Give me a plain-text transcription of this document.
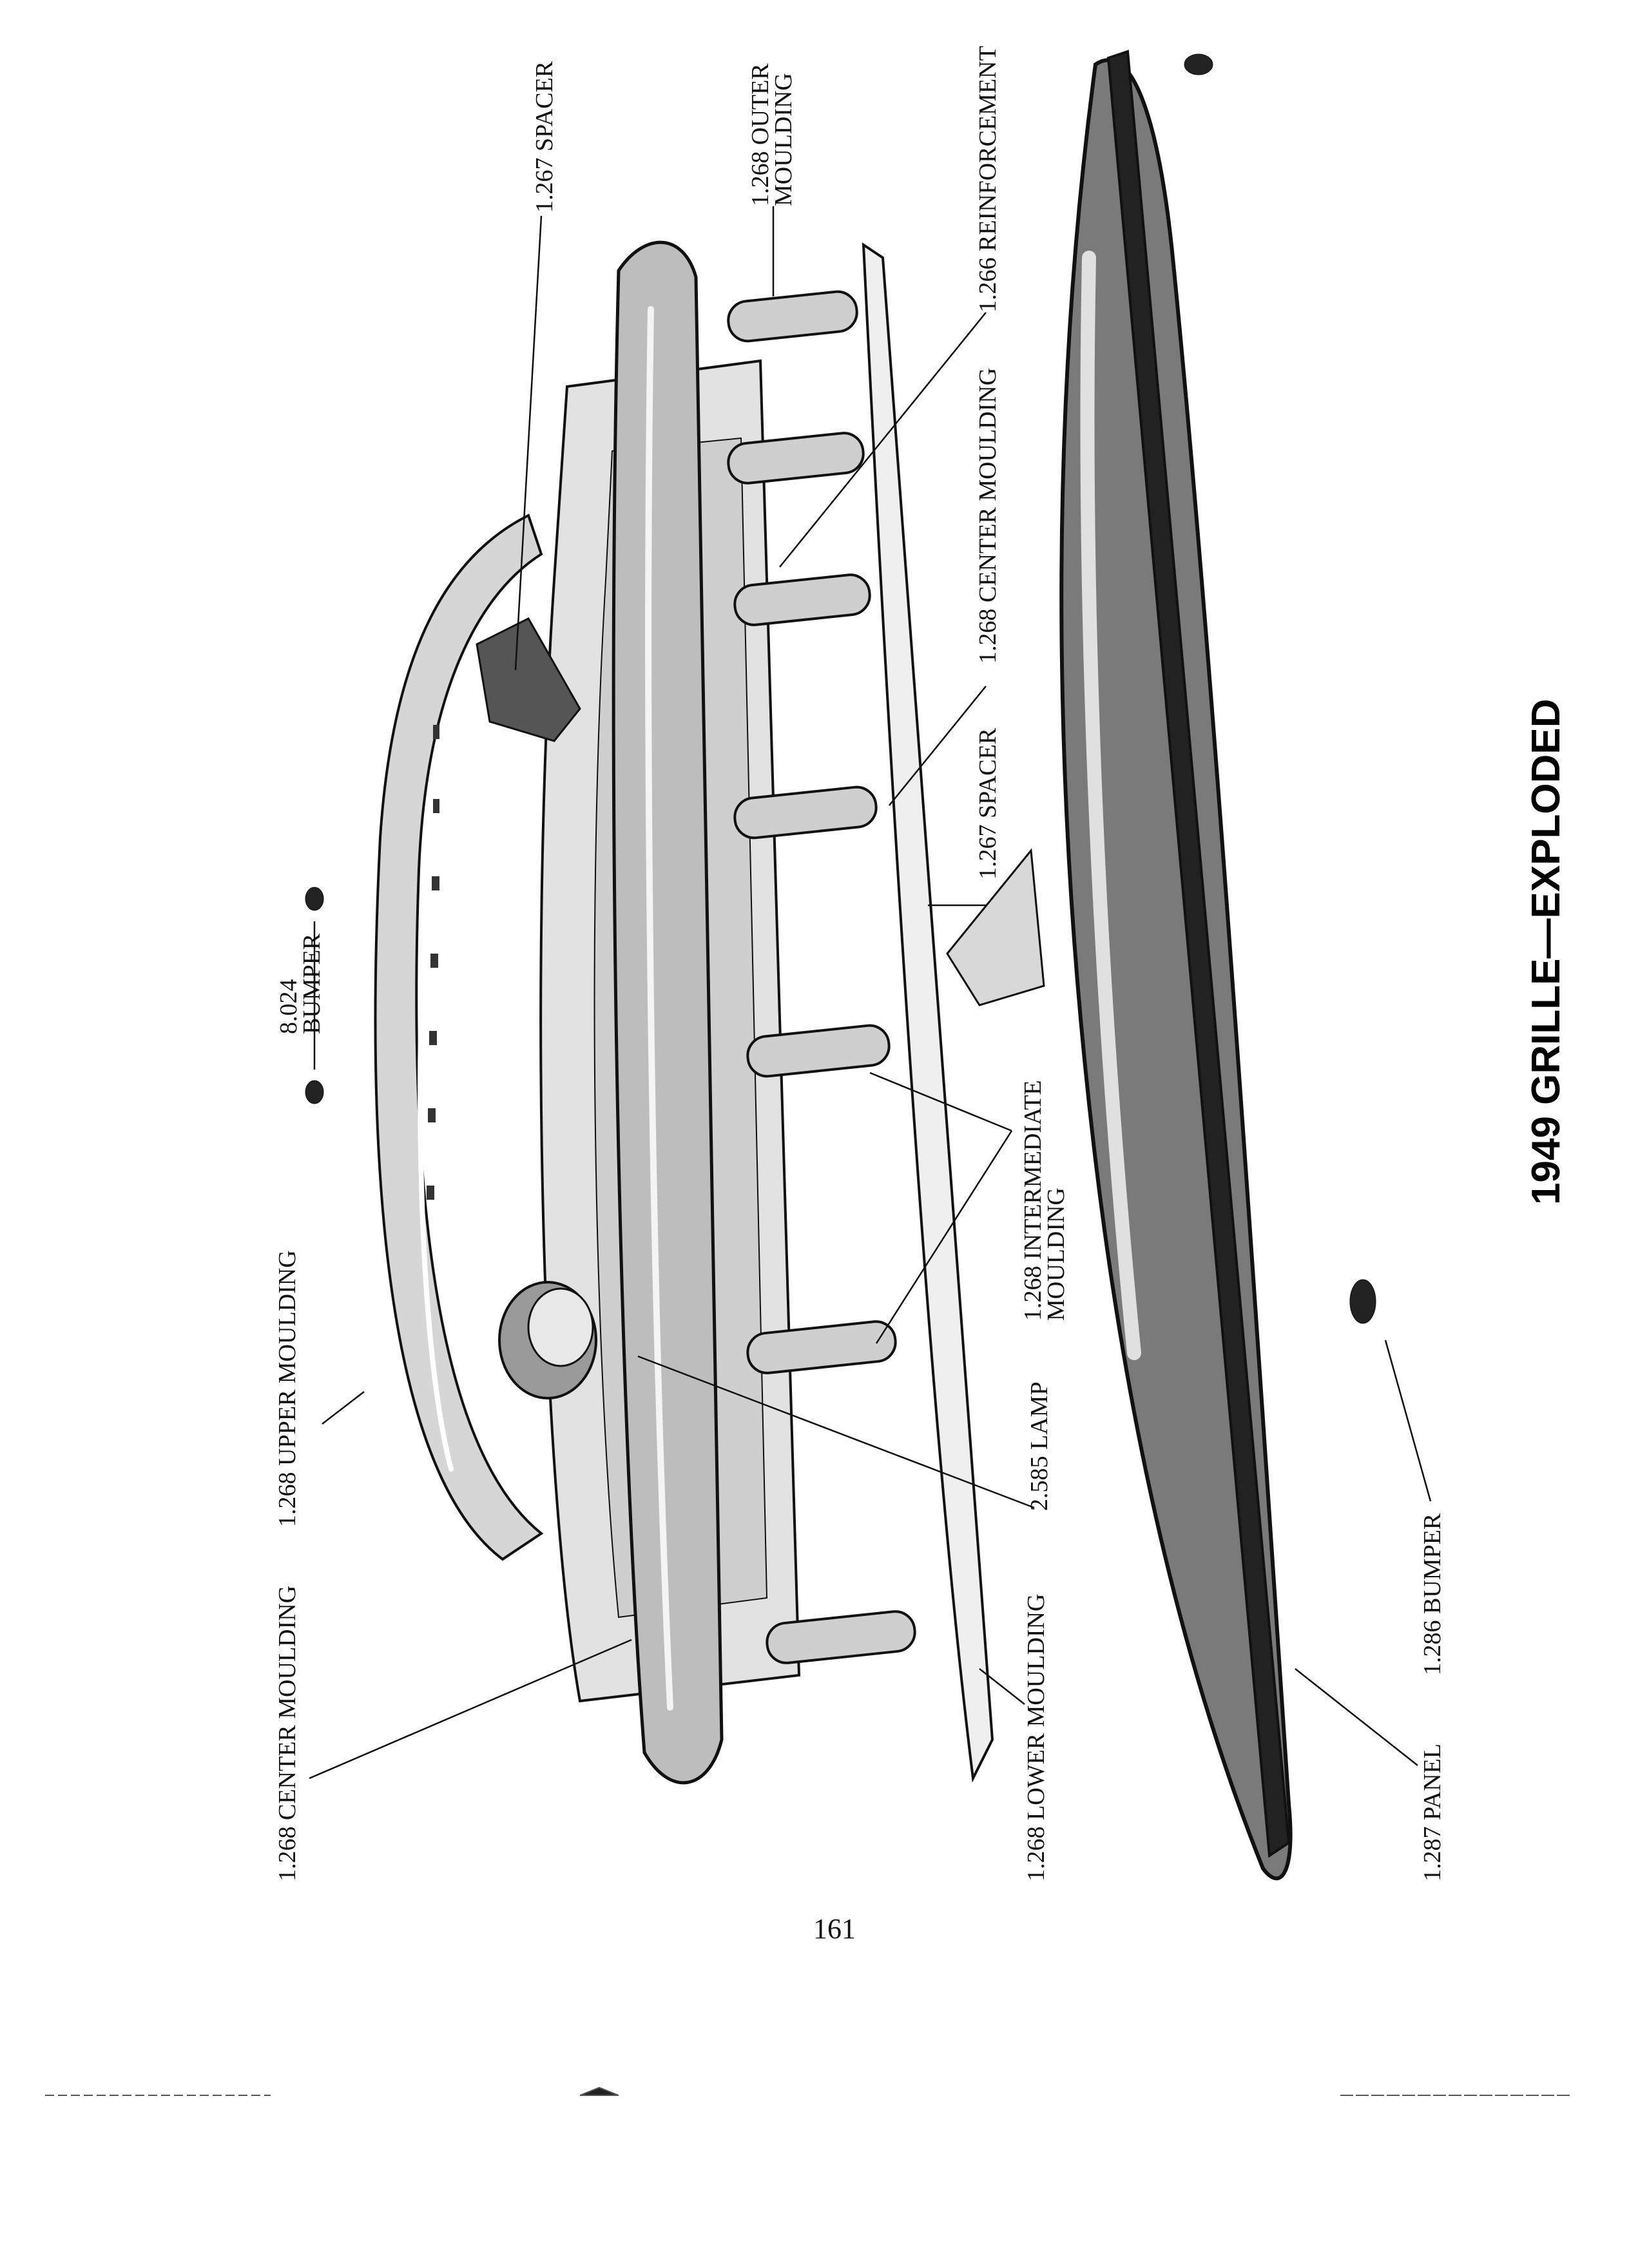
1.268 CENTER MOULDING
1.268 UPPER MOULDING
8.024 BUMPER
2.585 LAMP
1.267 SPACER
1.268 LOWER MOULDING
1.268 INTERMEDIATE MOULDING
1.267 SPACER
1.268 CENTER MOULDING
1.266 REINFORCEMENT
1.268 OUTER MOULDING
1.286 BUMPER
1.287 PANEL
1949 GRILLE—EXPLODED
161
